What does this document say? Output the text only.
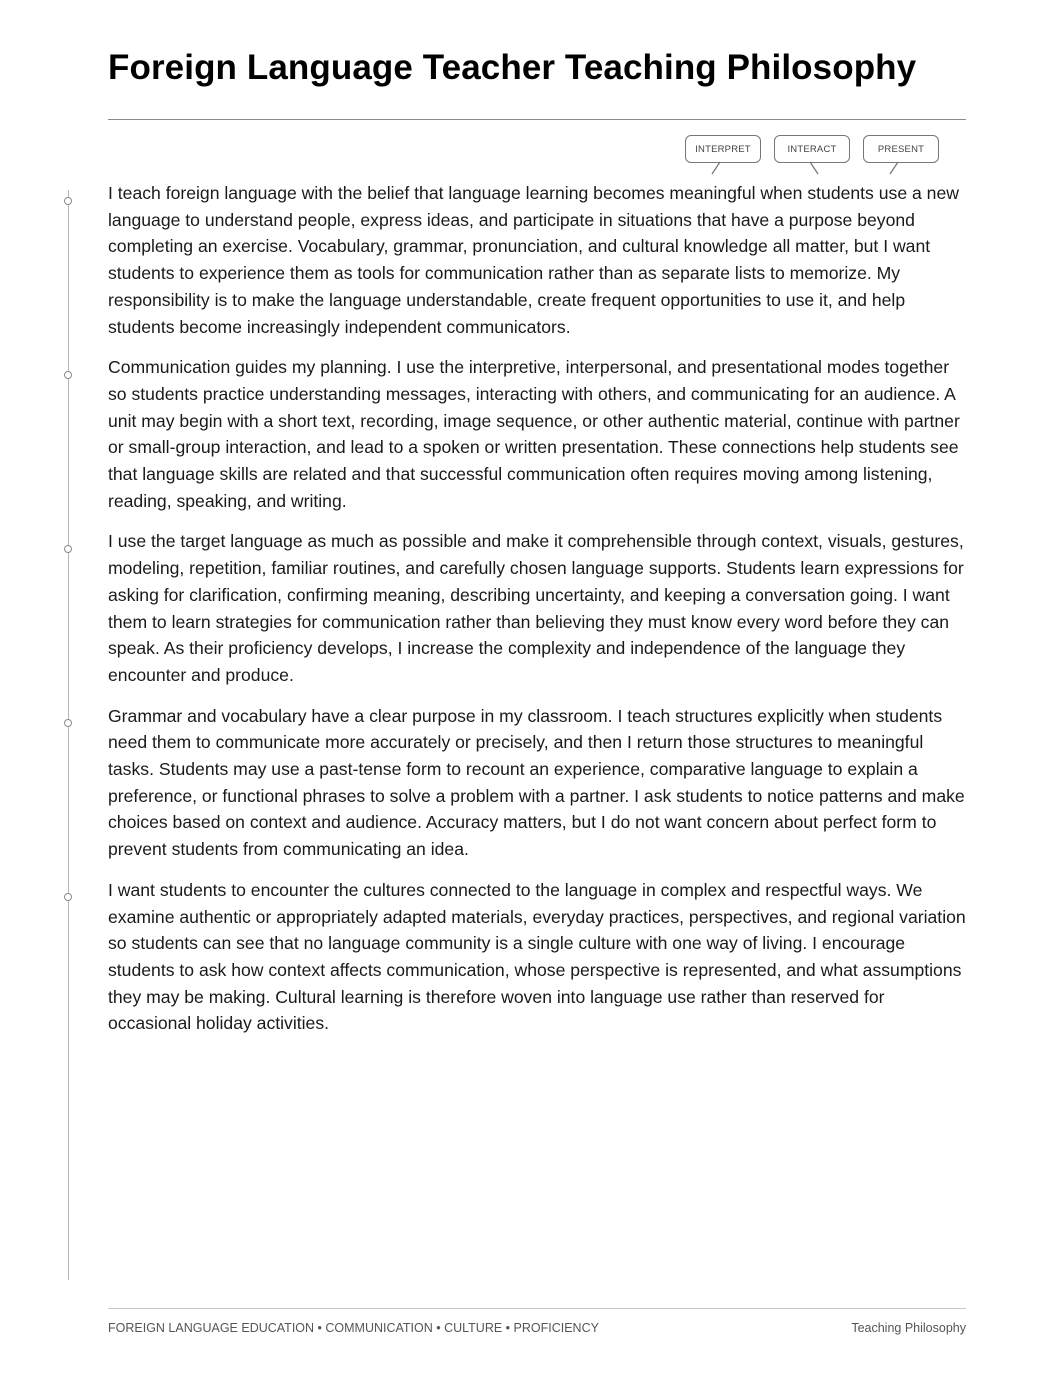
Foreign Language Teacher Teaching Philosophy
INTERPRET	INTERACT	PRESENT

I teach foreign language with the belief that language learning becomes meaningful when students use a new language to understand people, express ideas, and participate in situations that have a purpose beyond completing an exercise. Vocabulary, grammar, pronunciation, and cultural knowledge all matter, but I want students to experience them as tools for communication rather than as separate lists to memorize. My responsibility is to make the language understandable, create frequent opportunities to use it, and help students become increasingly independent communicators.

Communication guides my planning. I use the interpretive, interpersonal, and presentational modes together so students practice understanding messages, interacting with others, and communicating for an audience. A unit may begin with a short text, recording, image sequence, or other authentic material, continue with partner or small-group interaction, and lead to a spoken or written presentation. These connections help students see that language skills are related and that successful communication often requires moving among listening, reading, speaking, and writing.

I use the target language as much as possible and make it comprehensible through context, visuals, gestures, modeling, repetition, familiar routines, and carefully chosen language supports. Students learn expressions for asking for clarification, confirming meaning, describing uncertainty, and keeping a conversation going. I want them to learn strategies for communication rather than believing they must know every word before they can speak. As their proficiency develops, I increase the complexity and independence of the language they encounter and produce.

Grammar and vocabulary have a clear purpose in my classroom. I teach structures explicitly when students need them to communicate more accurately or precisely, and then I return those structures to meaningful tasks. Students may use a past-tense form to recount an experience, comparative language to explain a preference, or functional phrases to solve a problem with a partner. I ask students to notice patterns and make choices based on context and audience. Accuracy matters, but I do not want concern about perfect form to prevent students from communicating an idea.

I want students to encounter the cultures connected to the language in complex and respectful ways. We examine authentic or appropriately adapted materials, everyday practices, perspectives, and regional variation so students can see that no language community is a single culture with one way of living. I encourage students to ask how context affects communication, whose perspective is represented, and what assumptions they may be making. Cultural learning is therefore woven into language use rather than reserved for occasional holiday activities.

FOREIGN LANGUAGE EDUCATION • COMMUNICATION • CULTURE • PROFICIENCY	Teaching Philosophy
